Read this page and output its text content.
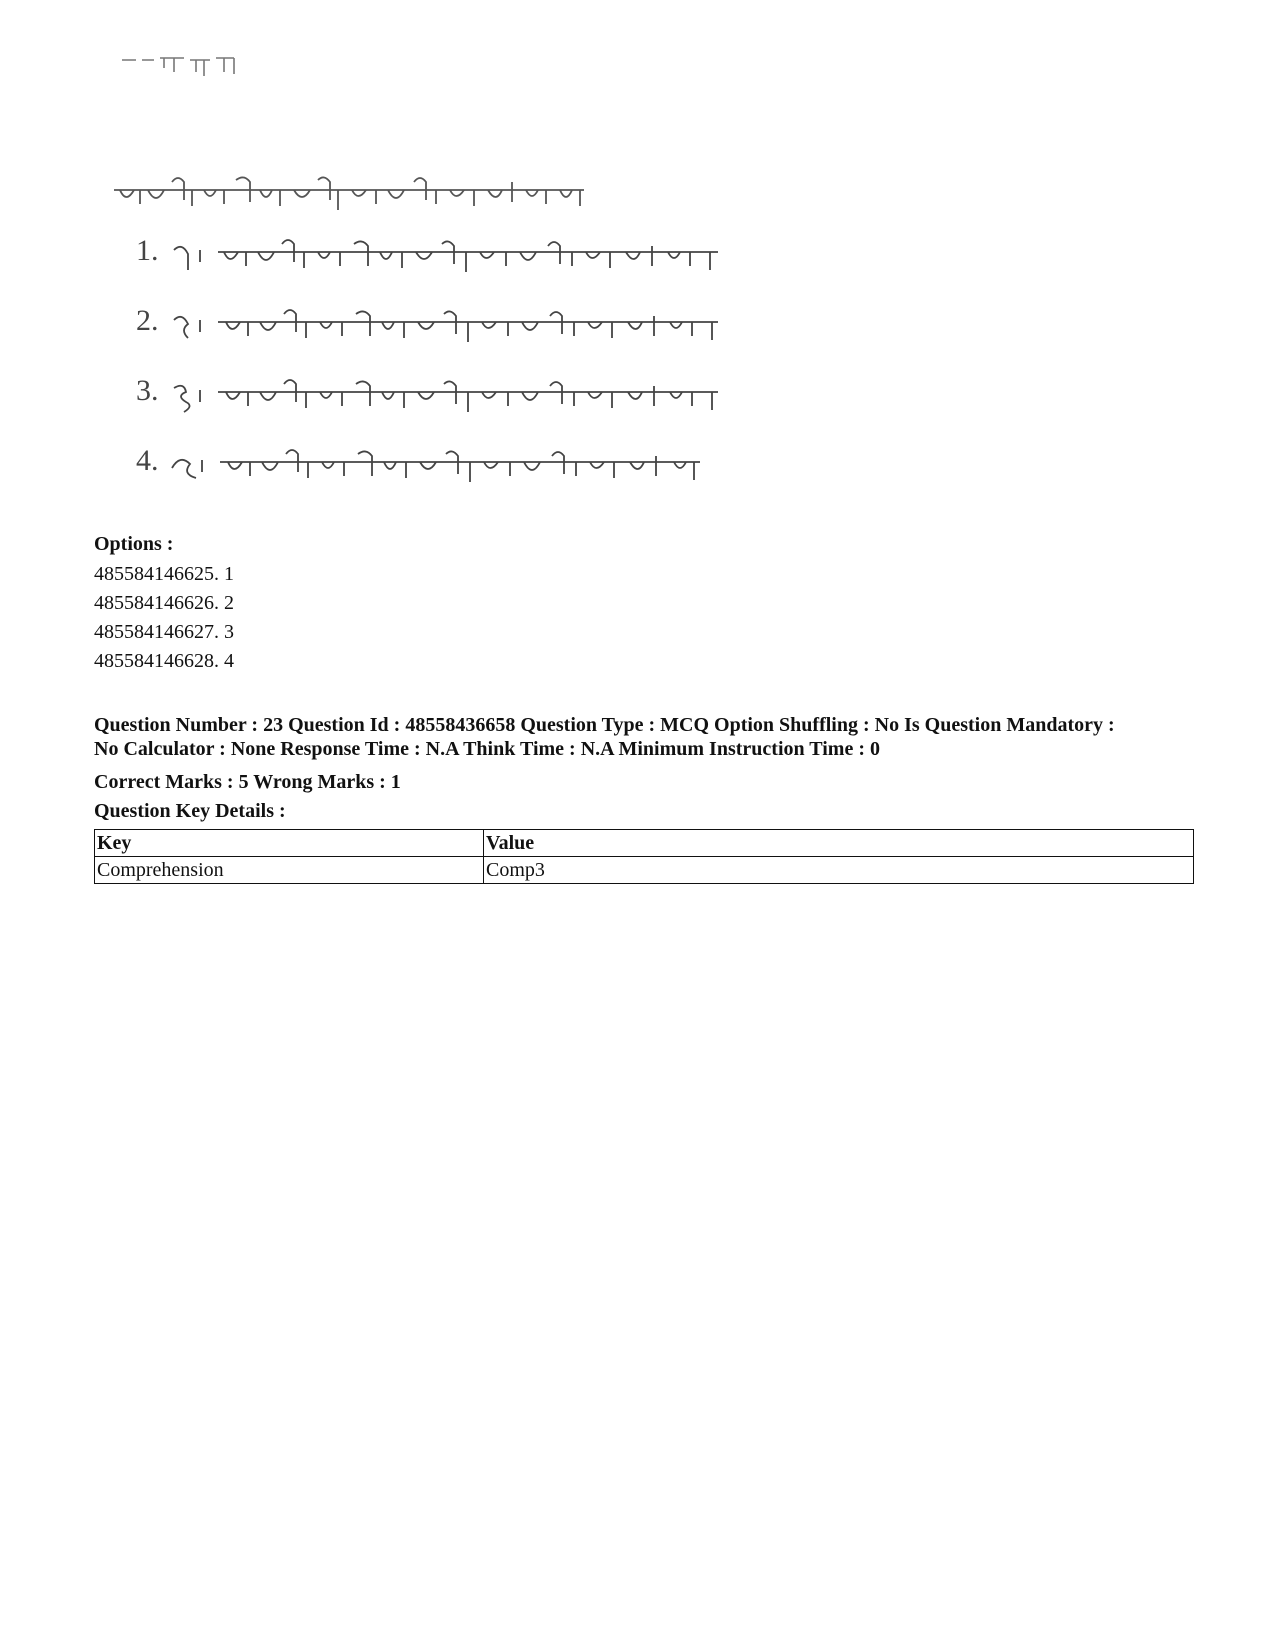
1.
2.
3.
4.
Options :
485584146625. 1
485584146626. 2
485584146627. 3
485584146628. 4
Question Number : 23 Question Id : 48558436658 Question Type : MCQ Option Shuffling : No Is Question Mandatory :
No Calculator : None Response Time : N.A Think Time : N.A Minimum Instruction Time : 0
Correct Marks : 5 Wrong Marks : 1
Question Key Details :
Key	Value
Comprehension	Comp3
